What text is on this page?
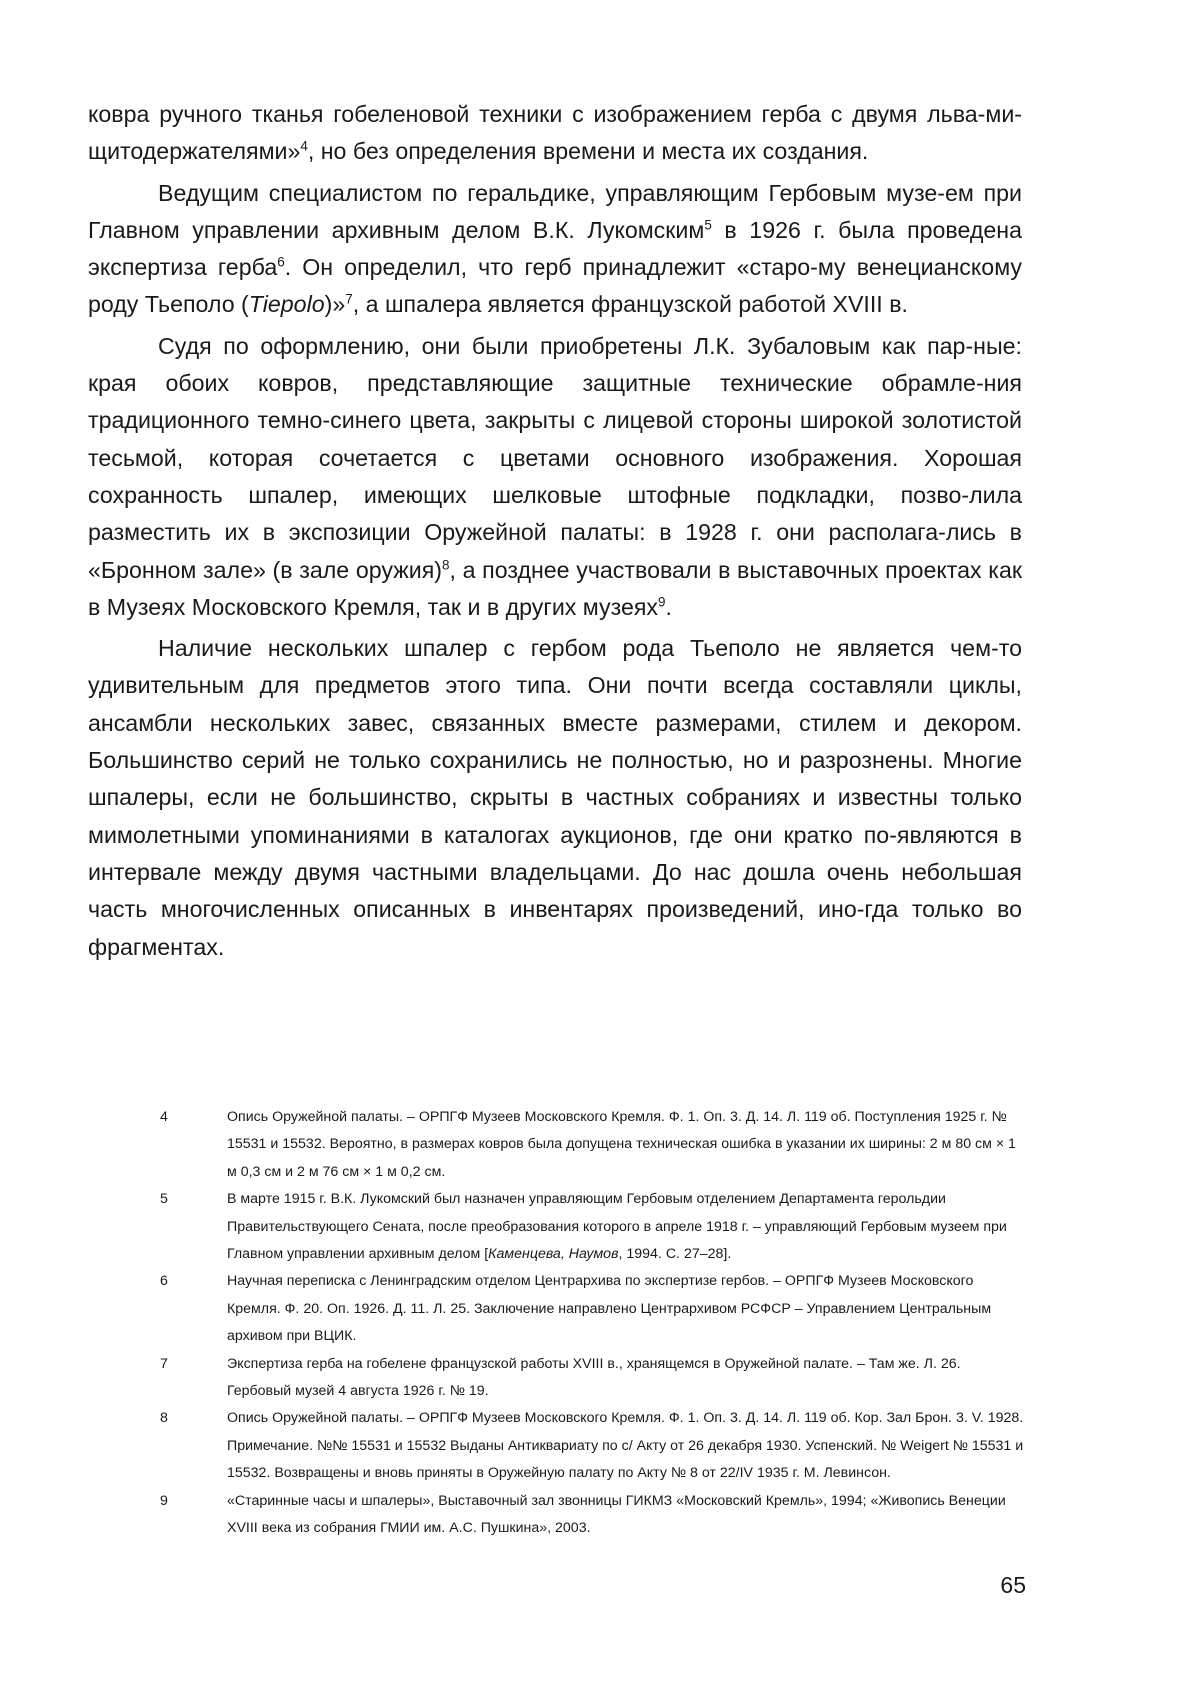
ковра ручного тканья гобеленовой техники с изображением герба с двумя льва-ми-щитодержателями»$^4$, но без определения времени и места их создания.

Ведущим специалистом по геральдике, управляющим Гербовым музе-ем при Главном управлении архивным делом В.К. Лукомским$^5$ в 1926 г. была проведена экспертиза герба$^6$. Он определил, что герб принадлежит «старо-му венецианскому роду Тьеполо (Tiepolo)»$^7$, а шпалера является французской работой XVIII в.

Судя по оформлению, они были приобретены Л.К. Зубаловым как пар-ные: края обоих ковров, представляющие защитные технические обрамле-ния традиционного темно-синего цвета, закрыты с лицевой стороны широкой золотистой тесьмой, которая сочетается с цветами основного изображения. Хорошая сохранность шпалер, имеющих шелковые штофные подкладки, позво-лила разместить их в экспозиции Оружейной палаты: в 1928 г. они располага-лись в «Бронном зале» (в зале оружия)$^8$, а позднее участвовали в выставочных проектах как в Музеях Московского Кремля, так и в других музеях$^9$.

Наличие нескольких шпалер с гербом рода Тьеполо не является чем-то удивительным для предметов этого типа. Они почти всегда составляли циклы, ансамбли нескольких завес, связанных вместе размерами, стилем и декором. Большинство серий не только сохранились не полностью, но и разрознены. Многие шпалеры, если не большинство, скрыты в частных собраниях и известны только мимолетными упоминаниями в каталогах аукционов, где они кратко по-являются в интервале между двумя частными владельцами. До нас дошла очень небольшая часть многочисленных описанных в инвентарях произведений, ино-гда только во фрагментах.

4	Опись Оружейной палаты. – ОРПГФ Музеев Московского Кремля. Ф. 1. Оп. 3. Д. 14. Л. 119 об. Поступления 1925 г. № 15531 и 15532. Вероятно, в размерах ковров была допущена техническая ошибка в указании их ширины: 2 м 80 см × 1 м 0,3 см и 2 м 76 см × 1 м 0,2 см.
5	В марте 1915 г. В.К. Лукомский был назначен управляющим Гербовым отделением Департамента герольдии Правительствующего Сената, после преобразования которого в апреле 1918 г. – управляющий Гербовым музеем при Главном управлении архивным делом [Каменцева, Наумов, 1994. С. 27–28].
6	Научная переписка с Ленинградским отделом Центрархива по экспертизе гербов. – ОРПГФ Музеев Московского Кремля. Ф. 20. Оп. 1926. Д. 11. Л. 25. Заключение направлено Центрархивом РСФСР – Управлением Центральным архивом при ВЦИК.
7	Экспертиза герба на гобелене французской работы XVIII в., хранящемся в Оружейной палате. – Там же. Л. 26. Гербовый музей 4 августа 1926 г. № 19.
8	Опись Оружейной палаты. – ОРПГФ Музеев Московского Кремля. Ф. 1. Оп. 3. Д. 14. Л. 119 об. Кор. Зал Брон. 3. V. 1928. Примечание. №№ 15531 и 15532 Выданы Антиквариату по с/ Акту от 26 декабря 1930. Успенский. № Weigert № 15531 и 15532. Возвращены и вновь приняты в Оружейную палату по Акту № 8 от 22/IV 1935 г. М. Левинсон.
9	«Старинные часы и шпалеры», Выставочный зал звонницы ГИКМЗ «Московский Кремль», 1994; «Живопись Венеции XVIII века из собрания ГМИИ им. А.С. Пушкина», 2003.
65
